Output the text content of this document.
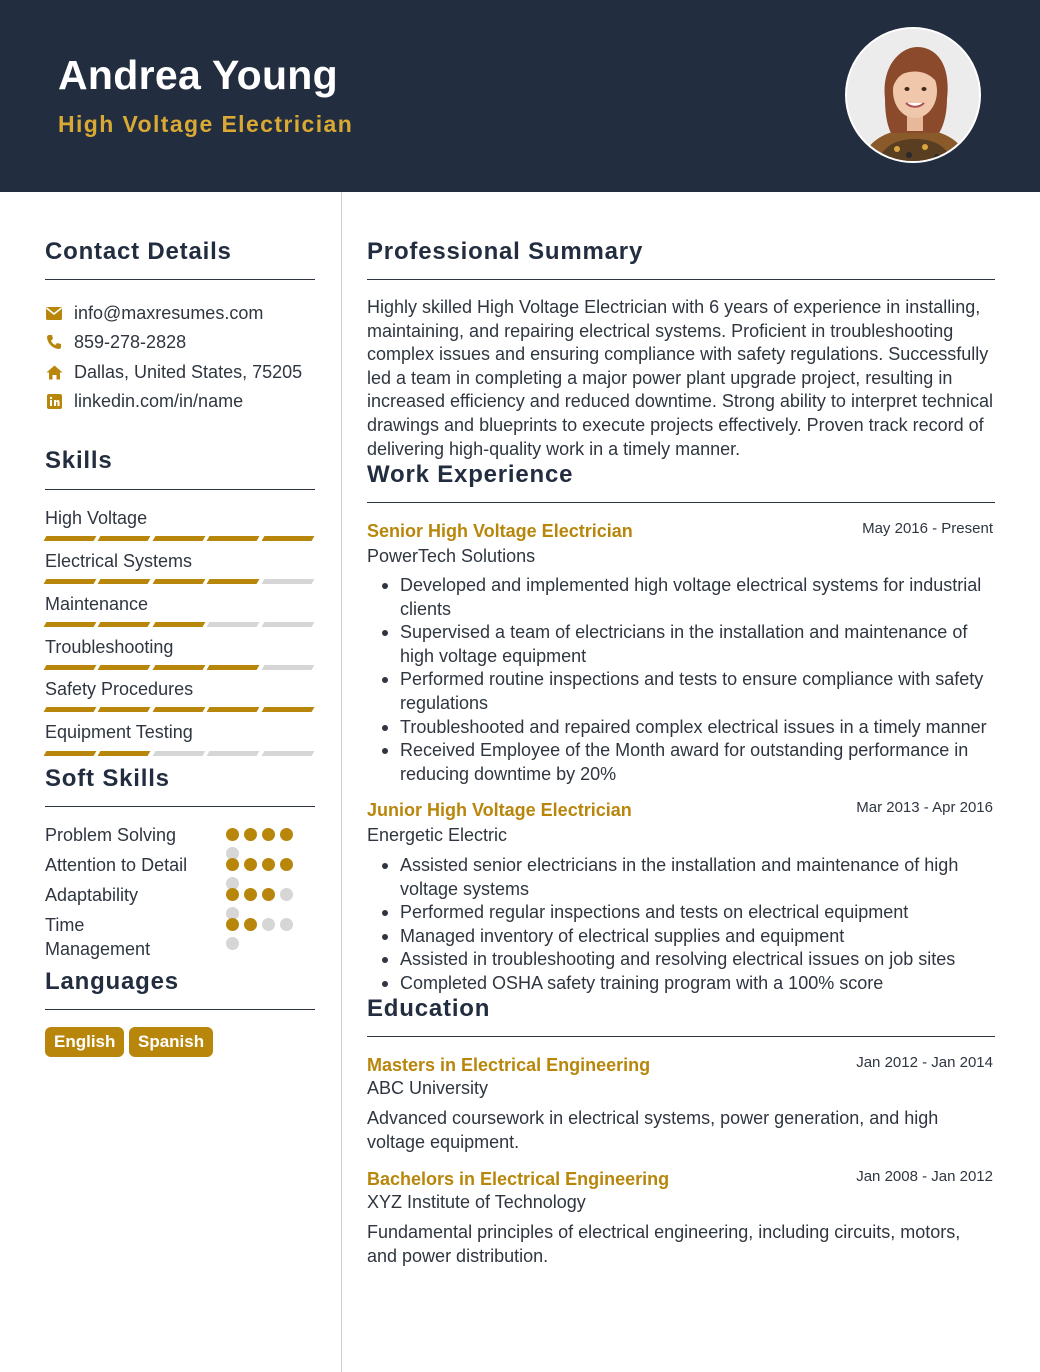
Andrea Young
High Voltage Electrician
Contact Details
info@maxresumes.com
859-278-2828
Dallas, United States, 75205
linkedin.com/in/name
Skills
High Voltage
Electrical Systems
Maintenance
Troubleshooting
Safety Procedures
Equipment Testing
Soft Skills
Problem Solving
Attention to Detail
Adaptability
Time Management
Languages
English	Spanish
Professional Summary
Highly skilled High Voltage Electrician with 6 years of experience in installing, maintaining, and repairing electrical systems. Proficient in troubleshooting complex issues and ensuring compliance with safety regulations. Successfully led a team in completing a major power plant upgrade project, resulting in increased efficiency and reduced downtime. Strong ability to interpret technical drawings and blueprints to execute projects effectively. Proven track record of delivering high-quality work in a timely manner.
Work Experience
Senior High Voltage Electrician	May 2016 - Present
PowerTech Solutions
Developed and implemented high voltage electrical systems for industrial clients
Supervised a team of electricians in the installation and maintenance of high voltage equipment
Performed routine inspections and tests to ensure compliance with safety regulations
Troubleshooted and repaired complex electrical issues in a timely manner
Received Employee of the Month award for outstanding performance in reducing downtime by 20%
Junior High Voltage Electrician	Mar 2013 - Apr 2016
Energetic Electric
Assisted senior electricians in the installation and maintenance of high voltage systems
Performed regular inspections and tests on electrical equipment
Managed inventory of electrical supplies and equipment
Assisted in troubleshooting and resolving electrical issues on job sites
Completed OSHA safety training program with a 100% score
Education
Masters in Electrical Engineering	Jan 2012 - Jan 2014
ABC University
Advanced coursework in electrical systems, power generation, and high voltage equipment.
Bachelors in Electrical Engineering	Jan 2008 - Jan 2012
XYZ Institute of Technology
Fundamental principles of electrical engineering, including circuits, motors, and power distribution.
